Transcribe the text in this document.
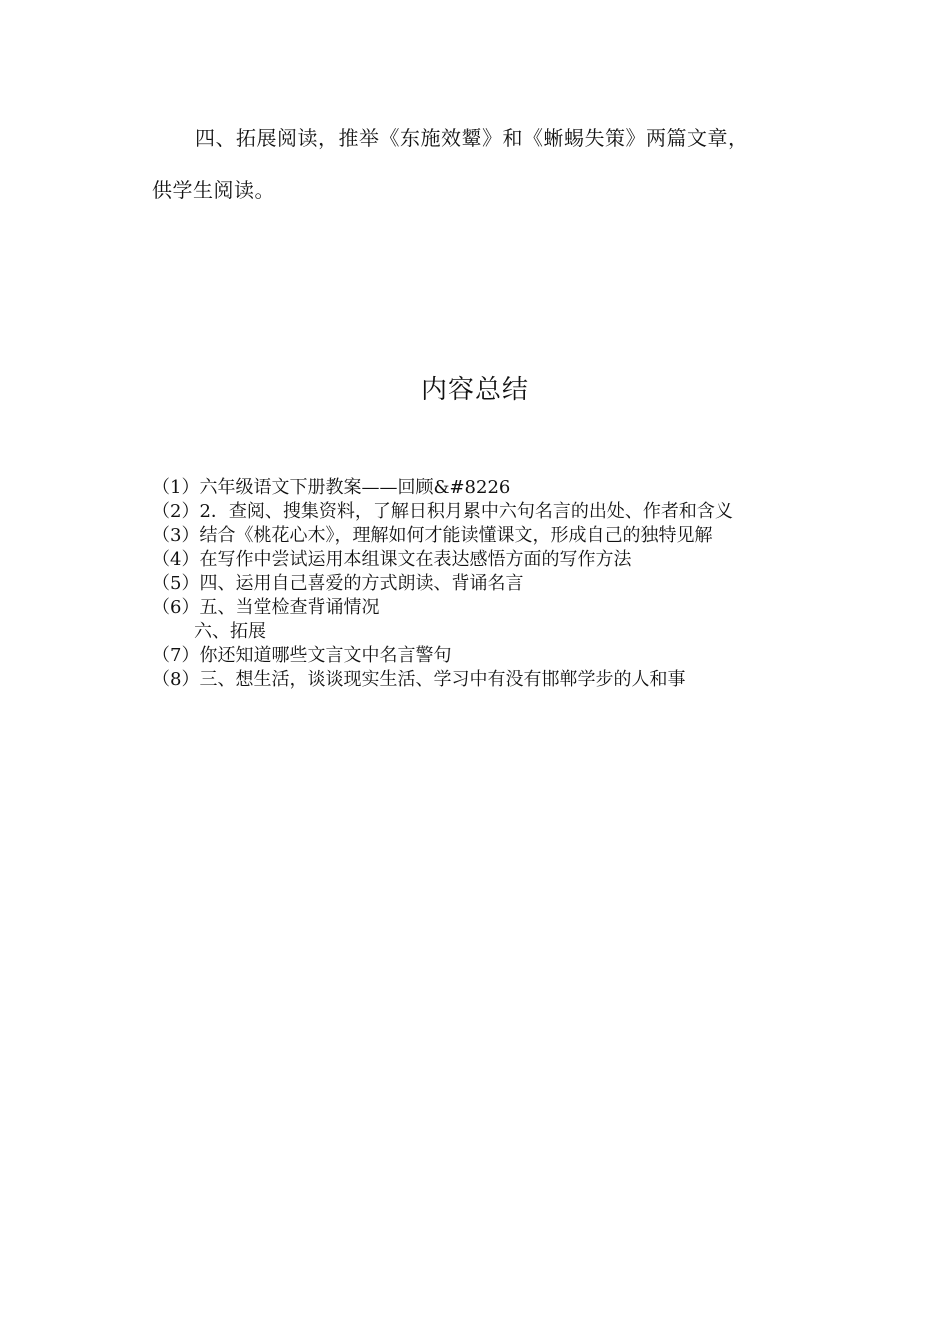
四、拓展阅读，推举《东施效颦》和《蜥蜴失策》两篇文章，
供学生阅读。
内容总结
（1）六年级语文下册教案——回顾&#8226
（2）2．查阅、搜集资料，了解日积月累中六句名言的出处、作者和含义
（3）结合《桃花心木》，理解如何才能读懂课文，形成自己的独特见解
（4）在写作中尝试运用本组课文在表达感悟方面的写作方法
（5）四、运用自己喜爱的方式朗读、背诵名言
（6）五、当堂检查背诵情况
六、拓展
（7）你还知道哪些文言文中名言警句
（8）三、想生活，谈谈现实生活、学习中有没有邯郸学步的人和事
